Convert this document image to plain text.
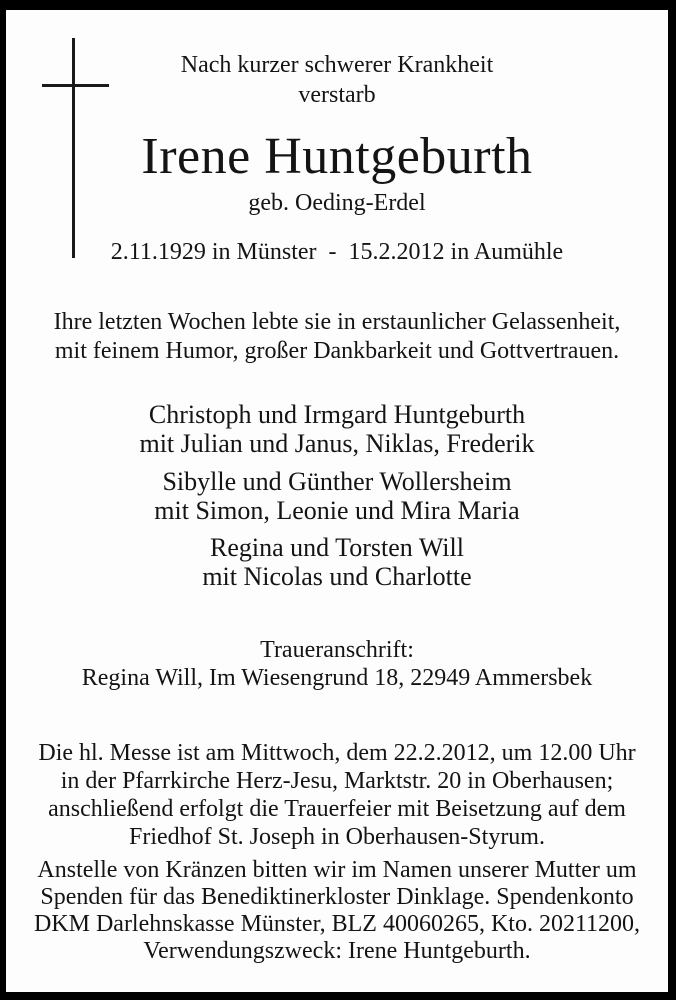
Nach kurzer schwerer Krankheit
verstarb
Irene Huntgeburth
geb. Oeding-Erdel
2.11.1929 in Münster  -  15.2.2012 in Aumühle
Ihre letzten Wochen lebte sie in erstaunlicher Gelassenheit,
mit feinem Humor, großer Dankbarkeit und Gottvertrauen.
Christoph und Irmgard Huntgeburth
mit Julian und Janus, Niklas, Frederik
Sibylle und Günther Wollersheim
mit Simon, Leonie und Mira Maria
Regina und Torsten Will
mit Nicolas und Charlotte
Traueranschrift:
Regina Will, Im Wiesengrund 18, 22949 Ammersbek
Die hl. Messe ist am Mittwoch, dem 22.2.2012, um 12.00 Uhr
in der Pfarrkirche Herz-Jesu, Marktstr. 20 in Oberhausen;
anschließend erfolgt die Trauerfeier mit Beisetzung auf dem
Friedhof St. Joseph in Oberhausen-Styrum.
Anstelle von Kränzen bitten wir im Namen unserer Mutter um
Spenden für das Benediktinerkloster Dinklage. Spendenkonto
DKM Darlehnskasse Münster, BLZ 40060265, Kto. 20211200,
Verwendungszweck: Irene Huntgeburth.
